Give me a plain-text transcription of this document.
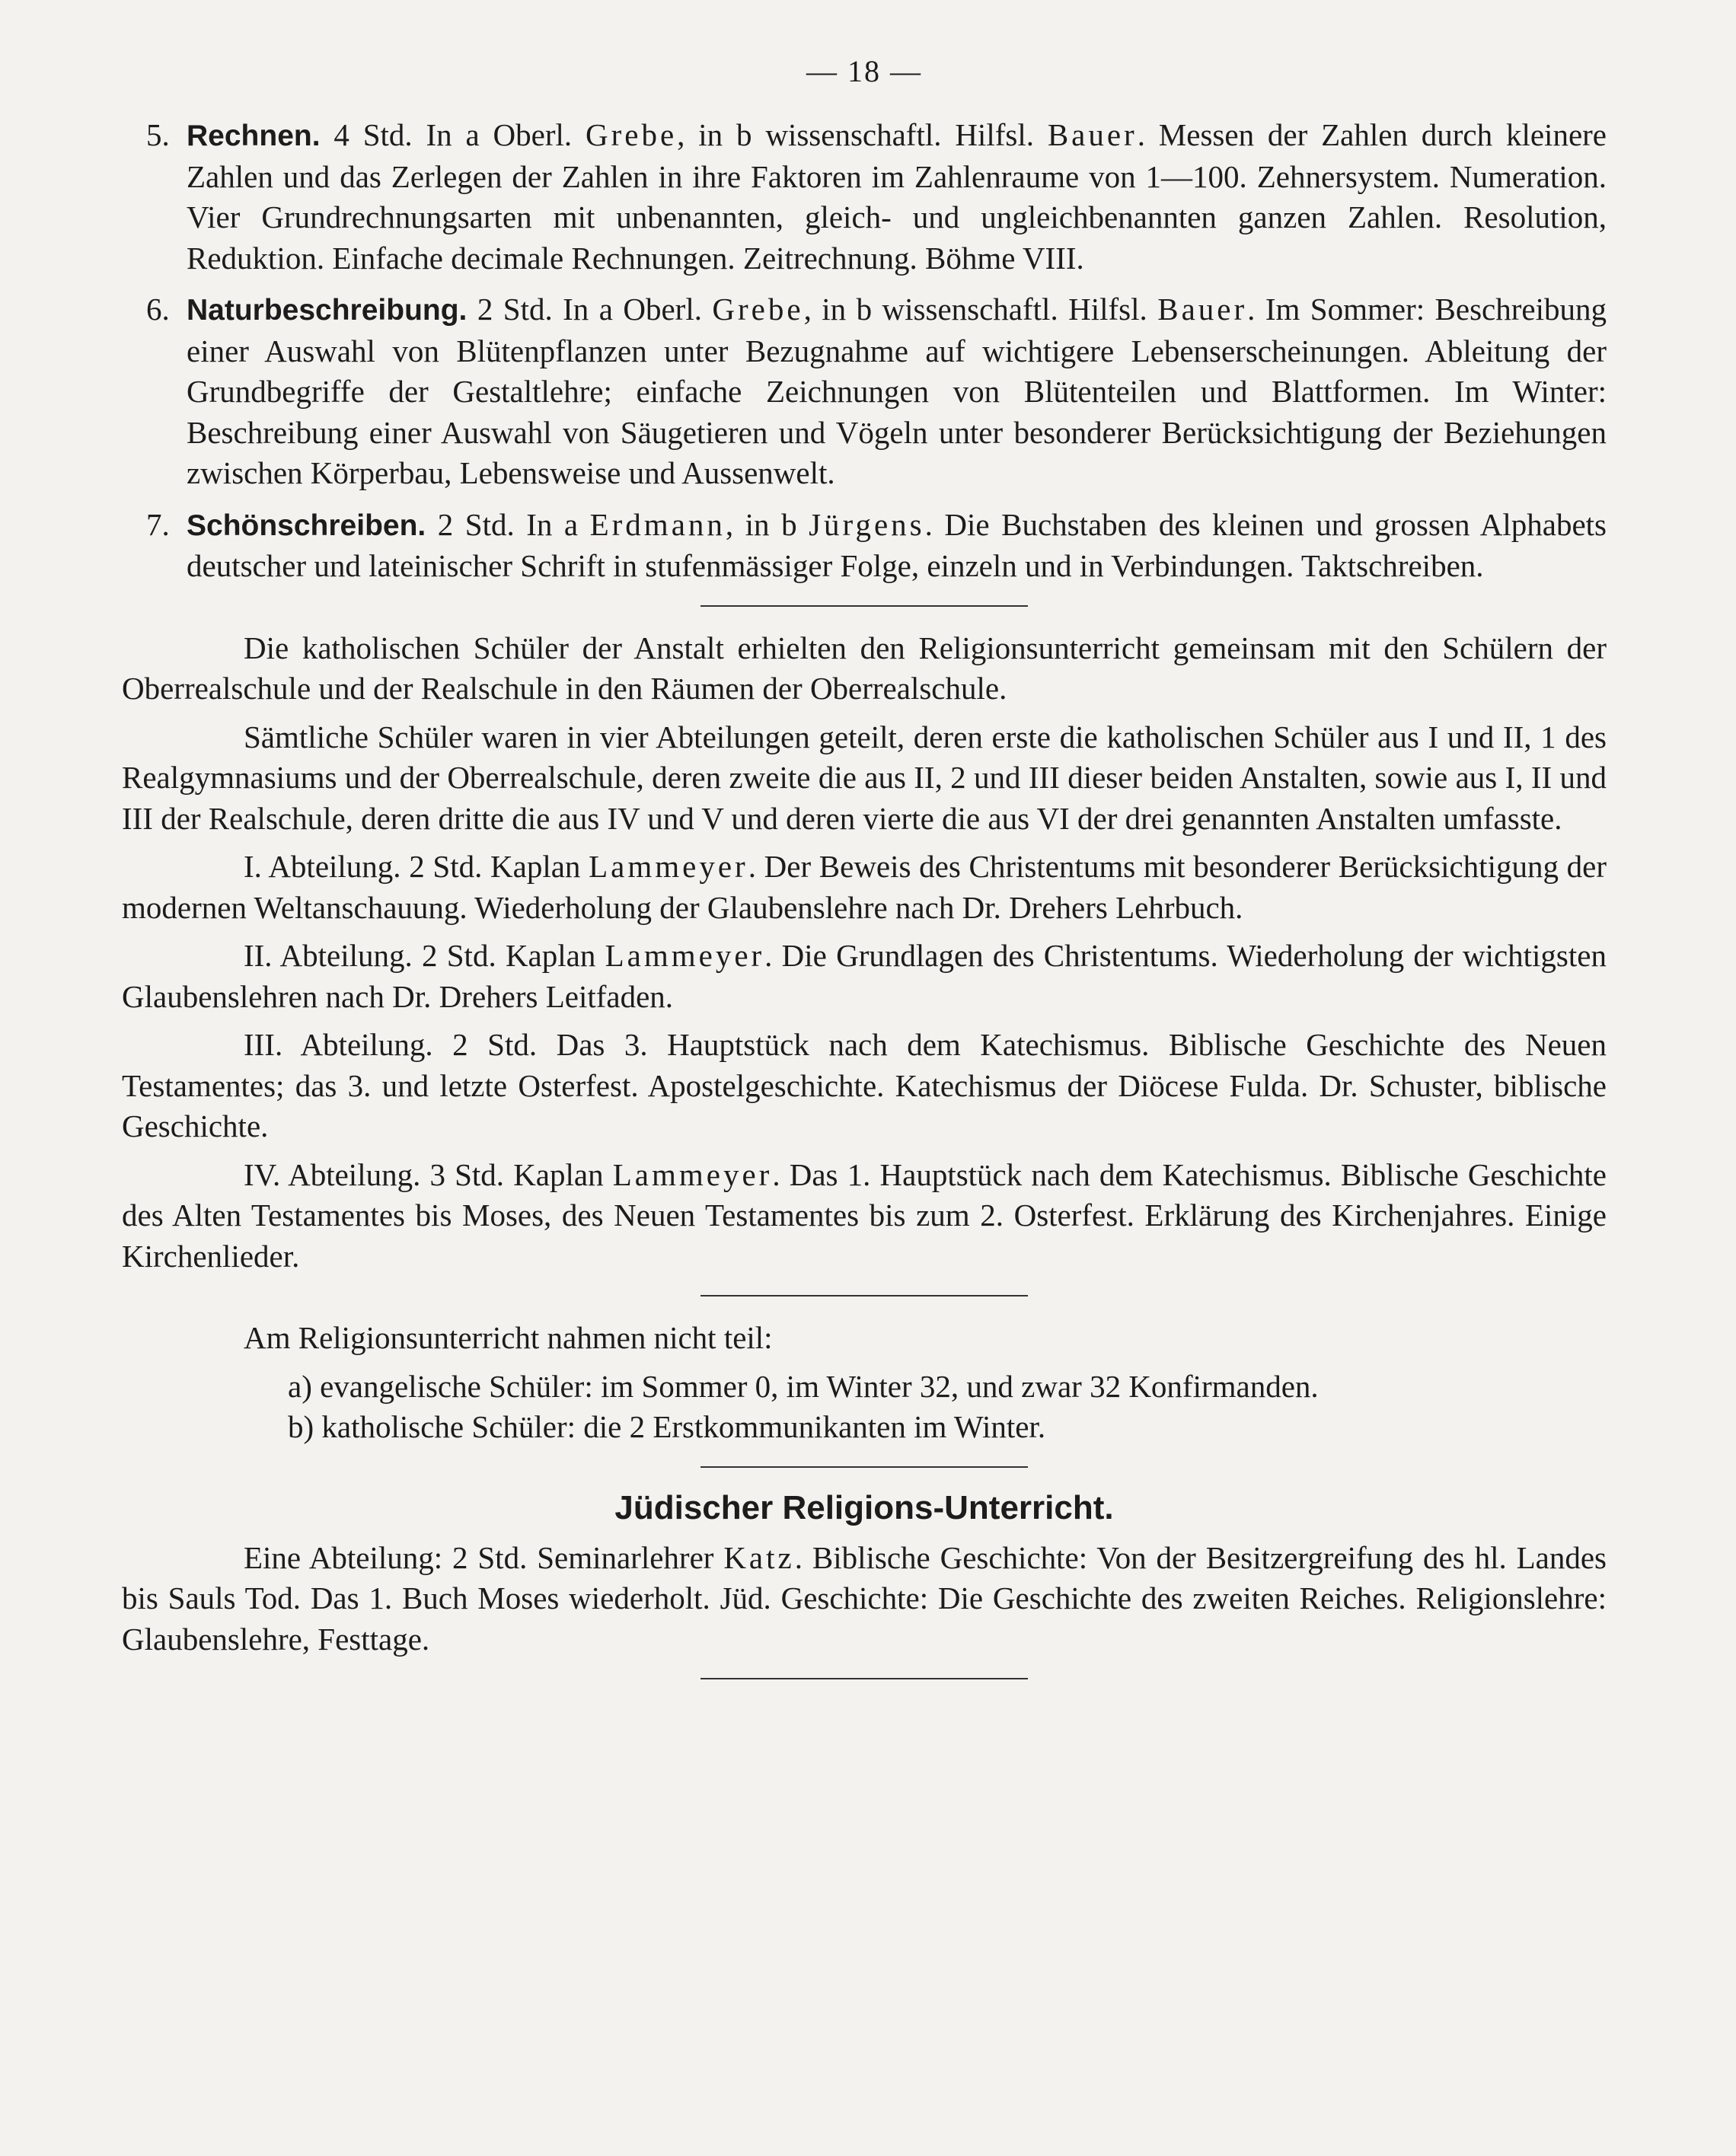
— 18 —
5. Rechnen. 4 Std. In a Oberl. Grebe, in b wissenschaftl. Hilfsl. Bauer. Messen der Zahlen durch kleinere Zahlen und das Zerlegen der Zahlen in ihre Faktoren im Zahlenraume von 1—100. Zehnersystem. Numeration. Vier Grundrechnungsarten mit unbenannten, gleich- und ungleichbenannten ganzen Zahlen. Resolution, Reduktion. Einfache decimale Rechnungen. Zeitrechnung. Böhme VIII.
6. Naturbeschreibung. 2 Std. In a Oberl. Grebe, in b wissenschaftl. Hilfsl. Bauer. Im Sommer: Beschreibung einer Auswahl von Blütenpflanzen unter Bezugnahme auf wichtigere Lebenserscheinungen. Ableitung der Grundbegriffe der Gestaltlehre; einfache Zeichnungen von Blütenteilen und Blattformen. Im Winter: Beschreibung einer Auswahl von Säugetieren und Vögeln unter besonderer Berücksichtigung der Beziehungen zwischen Körperbau, Lebensweise und Aussenwelt.
7. Schönschreiben. 2 Std. In a Erdmann, in b Jürgens. Die Buchstaben des kleinen und grossen Alphabets deutscher und lateinischer Schrift in stufenmässiger Folge, einzeln und in Verbindungen. Taktschreiben.

Die katholischen Schüler der Anstalt erhielten den Religionsunterricht gemeinsam mit den Schülern der Oberrealschule und der Realschule in den Räumen der Oberrealschule.

Sämtliche Schüler waren in vier Abteilungen geteilt, deren erste die katholischen Schüler aus I und II, 1 des Realgymnasiums und der Oberrealschule, deren zweite die aus II, 2 und III dieser beiden Anstalten, sowie aus I, II und III der Realschule, deren dritte die aus IV und V und deren vierte die aus VI der drei genannten Anstalten umfasste.

I. Abteilung. 2 Std. Kaplan Lammeyer. Der Beweis des Christentums mit besonderer Berücksichtigung der modernen Weltanschauung. Wiederholung der Glaubenslehre nach Dr. Drehers Lehrbuch.

II. Abteilung. 2 Std. Kaplan Lammeyer. Die Grundlagen des Christentums. Wiederholung der wichtigsten Glaubenslehren nach Dr. Drehers Leitfaden.

III. Abteilung. 2 Std. Das 3. Hauptstück nach dem Katechismus. Biblische Geschichte des Neuen Testamentes; das 3. und letzte Osterfest. Apostelgeschichte. Katechismus der Diöcese Fulda. Dr. Schuster, biblische Geschichte.

IV. Abteilung. 3 Std. Kaplan Lammeyer. Das 1. Hauptstück nach dem Katechismus. Biblische Geschichte des Alten Testamentes bis Moses, des Neuen Testamentes bis zum 2. Osterfest. Erklärung des Kirchenjahres. Einige Kirchenlieder.

Am Religionsunterricht nahmen nicht teil:

a) evangelische Schüler: im Sommer 0, im Winter 32, und zwar 32 Konfirmanden.
b) katholische Schüler: die 2 Erstkommunikanten im Winter.
Jüdischer Religions-Unterricht.

Eine Abteilung: 2 Std. Seminarlehrer Katz. Biblische Geschichte: Von der Besitzergreifung des hl. Landes bis Sauls Tod. Das 1. Buch Moses wiederholt. Jüd. Geschichte: Die Geschichte des zweiten Reiches. Religionslehre: Glaubenslehre, Festtage.
